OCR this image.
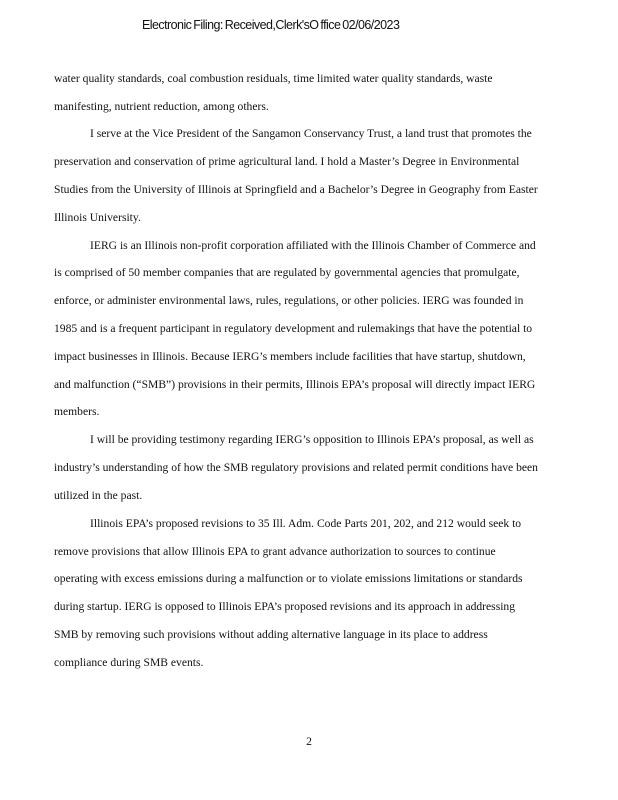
Electronic Filing: Received,Clerk'sO ffice 02/06/2023
water quality standards, coal combustion residuals, time limited water quality standards, waste
manifesting, nutrient reduction, among others.
I serve at the Vice President of the Sangamon Conservancy Trust, a land trust that promotes the
preservation and conservation of prime agricultural land. I hold a Master’s Degree in Environmental
Studies from the University of Illinois at Springfield and a Bachelor’s Degree in Geography from Easter
Illinois University.
IERG is an Illinois non-profit corporation affiliated with the Illinois Chamber of Commerce and
is comprised of 50 member companies that are regulated by governmental agencies that promulgate,
enforce, or administer environmental laws, rules, regulations, or other policies. IERG was founded in
1985 and is a frequent participant in regulatory development and rulemakings that have the potential to
impact businesses in Illinois. Because IERG’s members include facilities that have startup, shutdown,
and malfunction (“SMB”) provisions in their permits, Illinois EPA’s proposal will directly impact IERG
members.
I will be providing testimony regarding IERG’s opposition to Illinois EPA’s proposal, as well as
industry’s understanding of how the SMB regulatory provisions and related permit conditions have been
utilized in the past.
Illinois EPA’s proposed revisions to 35 Ill. Adm. Code Parts 201, 202, and 212 would seek to
remove provisions that allow Illinois EPA to grant advance authorization to sources to continue
operating with excess emissions during a malfunction or to violate emissions limitations or standards
during startup. IERG is opposed to Illinois EPA’s proposed revisions and its approach in addressing
SMB by removing such provisions without adding alternative language in its place to address
compliance during SMB events.
2
